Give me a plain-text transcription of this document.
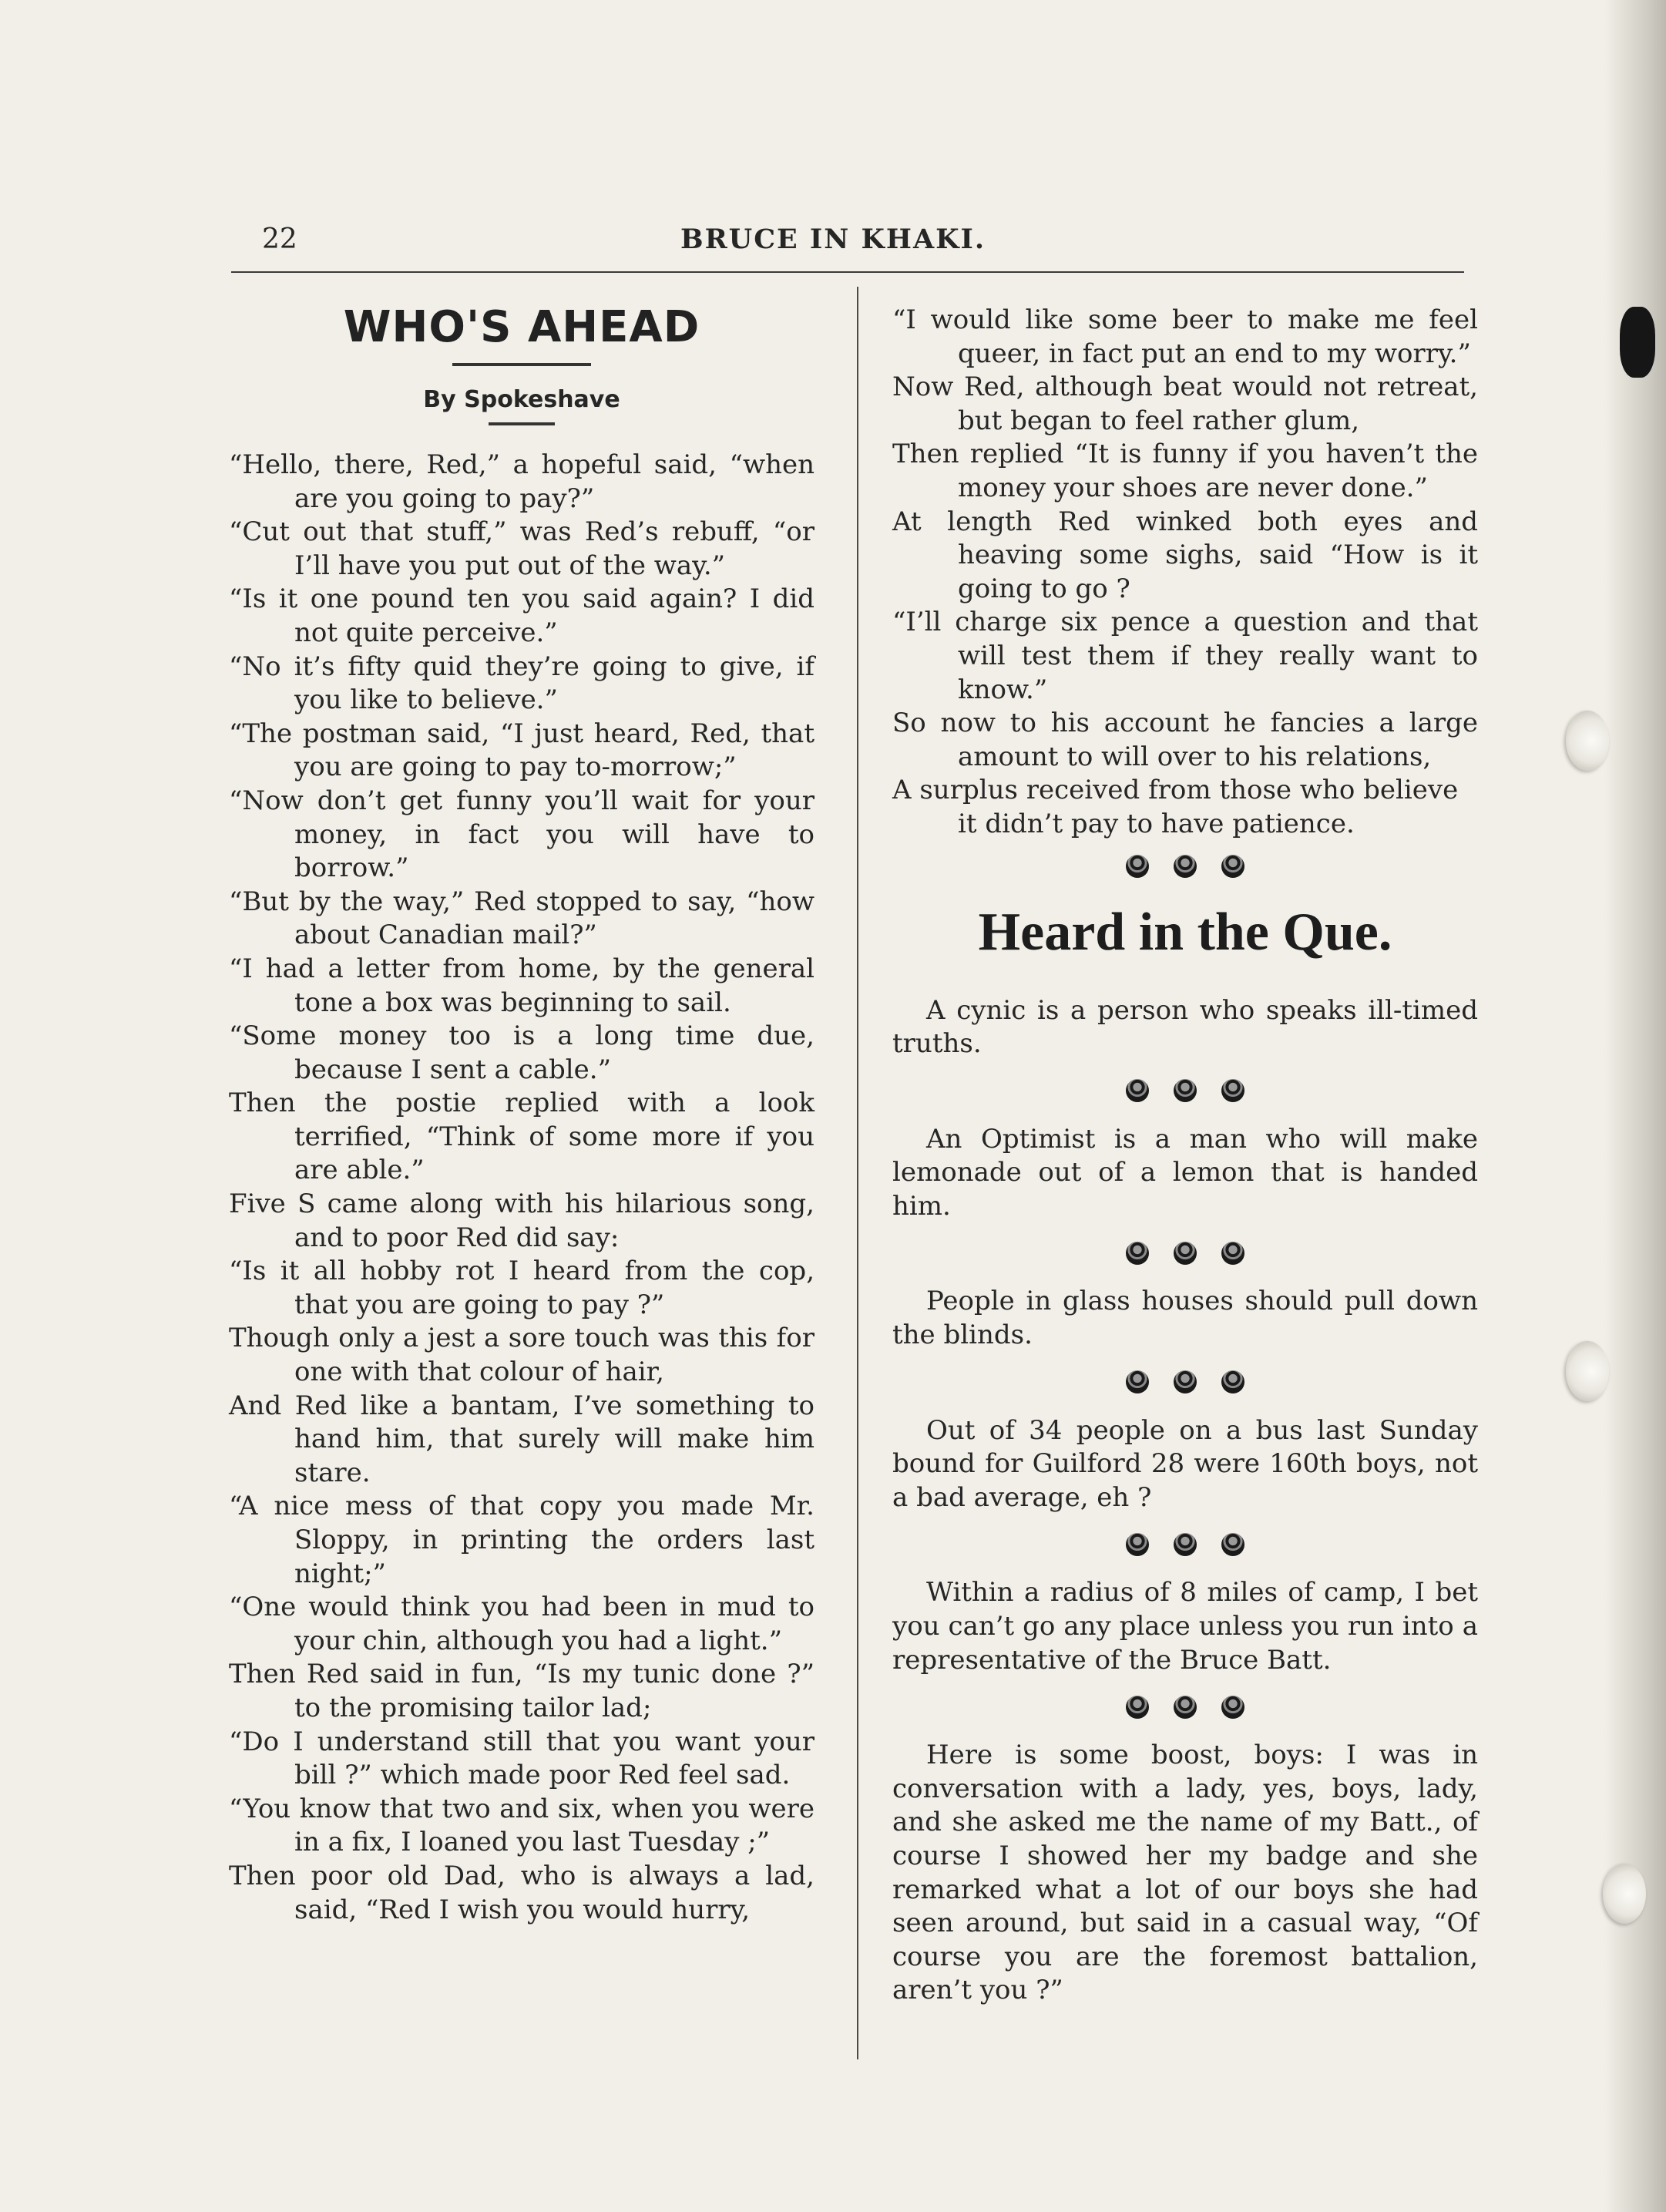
22	BRUCE IN KHAKI.
WHO'S AHEAD
By Spokeshave
“Hello, there, Red,” a hopeful said, “when are you going to pay?”
“Cut out that stuff,” was Red’s rebuff, “or I’ll have you put out of the way.”
“Is it one pound ten you said again? I did not quite perceive.”
“No it’s fifty quid they’re going to give, if you like to believe.”
“The postman said, “I just heard, Red, that you are going to pay to-morrow;”
“Now don’t get funny you’ll wait for your money, in fact you will have to borrow.”
“But by the way,” Red stopped to say, “how about Canadian mail?”
“I had a letter from home, by the general tone a box was beginning to sail.
“Some money too is a long time due, because I sent a cable.”
Then the postie replied with a look terrified, “Think of some more if you are able.”
Five S came along with his hilarious song, and to poor Red did say:
“Is it all hobby rot I heard from the cop, that you are going to pay ?”
Though only a jest a sore touch was this for one with that colour of hair,
And Red like a bantam, I’ve something to hand him, that surely will make him stare.
“A nice mess of that copy you made Mr. Sloppy, in printing the orders last night;”
“One would think you had been in mud to your chin, although you had a light.”
Then Red said in fun, “Is my tunic done ?” to the promising tailor lad;
“Do I understand still that you want your bill ?” which made poor Red feel sad.
“You know that two and six, when you were in a fix, I loaned you last Tuesday ;”
Then poor old Dad, who is always a lad, said, “Red I wish you would hurry,
“I would like some beer to make me feel queer, in fact put an end to my worry.”
Now Red, although beat would not retreat, but began to feel rather glum,
Then replied “It is funny if you haven’t the money your shoes are never done.”
At length Red winked both eyes and heaving some sighs, said “How is it going to go ?
“I’ll charge six pence a question and that will test them if they really want to know.”
So now to his account he fancies a large amount to will over to his relations,
A surplus received from those who believe it didn’t pay to have patience.
Heard in the Que.

A cynic is a person who speaks ill-timed truths.

An Optimist is a man who will make lemonade out of a lemon that is handed him.

People in glass houses should pull down the blinds.

Out of 34 people on a bus last Sunday bound for Guilford 28 were 160th boys, not a bad average, eh ?

Within a radius of 8 miles of camp, I bet you can’t go any place unless you run into a representative of the Bruce Batt.

Here is some boost, boys: I was in conversation with a lady, yes, boys, lady, and she asked me the name of my Batt., of course I showed her my badge and she remarked what a lot of our boys she had seen around, but said in a casual way, “Of course you are the foremost battalion, aren’t you ?”
